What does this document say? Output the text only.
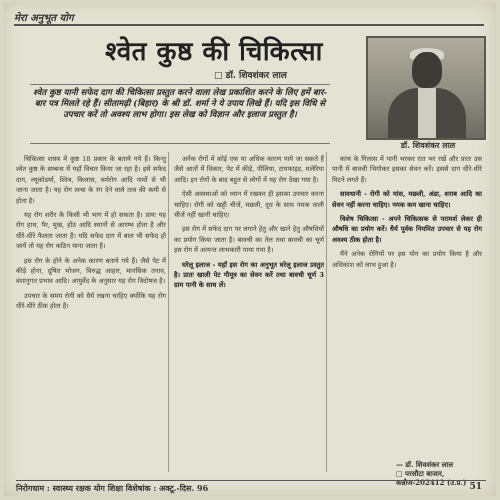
मेरा अनुभूत योग
श्वेत कुष्ठ की चिकित्सा
□ डॉ. शिवशंकर लाल
श्वेत कुष्ठ यानी सफेद दाग की चिकित्सा प्रस्तुत करने वाला लेख प्रकाशित करने के लिए हमें बार-बार पत्र मिलते रहे हैं। सीतामढ़ी (बिहार) के श्री डॉ. शर्मा ने ये उपाय लिखे हैं। यदि इस विधि से उपचार करें तो अवश्य लाभ होगा। इस लेख को विज्ञान और इलाज प्रस्तुत है।
डॉ. शिवशंकर लाल

चिकित्सा शास्त्र में कुष्ठ 18 प्रकार के बताये गये हैं। किन्तु श्वेत कुष्ठ के सम्बन्ध में यहाँ विचार किया जा रहा है। इसे सफेद दाग, ल्यूकोडर्मा, श्वित्र, किलास, चर्मरोग आदि नामों से भी जाना जाता है। यह रोग त्वचा के रंग देने वाले तत्व की कमी से होता है।

यह रोग शरीर के किसी भी भाग में हो सकता है। प्रायः यह रोग हाथ, पैर, मुख, होंठ आदि स्थानों से आरम्भ होता है और धीरे-धीरे फैलता जाता है। यदि सफेद दाग में बाल भी सफेद हो जायें तो यह रोग कठिन माना जाता है।

इस रोग के होने के अनेक कारण बताये गये हैं। जैसे पेट में कीड़े होना, दूषित भोजन, विरुद्ध आहार, मानसिक तनाव, वंशानुगत प्रभाव आदि। आयुर्वेद के अनुसार यह रोग त्रिदोषज है।

उपचार के समय रोगी को धैर्य रखना चाहिए क्योंकि यह रोग धीरे-धीरे ठीक होता है।

अनेक रोगों में कोई एक या अधिक कारण पाये जा सकते हैं जैसे आतों में विकार, पेट में कीड़े, पीलिया, टायफाइड, मलेरिया आदि। इन रोगों के बाद बहुत से लोगों में यह रोग देखा गया है।

ऐसी अवस्थाओं को ध्यान में रखकर ही इसका उपचार करना चाहिए। रोगी को खट्टी चीजें, मछली, दूध के साथ नमक वाली चीजें नहीं खानी चाहिए।

इस रोग में सफेद दाग पर लगाने हेतु और खाने हेतु औषधियों का प्रयोग किया जाता है। बावची का तेल तथा बावची का चूर्ण इस रोग में अत्यन्त लाभकारी पाया गया है।

घरेलू इलाज - यहाँ इस रोग का अनुभूत घरेलू इलाज प्रस्तुत है। प्रातः खाली पेट गौमूत्र का सेवन करें तथा बावची चूर्ण 3 ग्राम पानी के साथ लें।

कांच के गिलास में पानी भरकर रात भर रखें और प्रातः उस पानी में बावची भिगोकर इसका सेवन करें। इससे दाग धीरे-धीरे मिटने लगते हैं।

सावधानी - रोगी को मांस, मछली, अंडा, शराब आदि का सेवन नहीं करना चाहिए। नमक कम खाना चाहिए।

विशेष चिकित्सा - अपने चिकित्सक से परामर्श लेकर ही औषधि का प्रयोग करें। धैर्य पूर्वक नियमित उपचार से यह रोग अवश्य ठीक होता है।

मैंने अनेक रोगियों पर इस योग का प्रयोग किया है और अधिकांश को लाभ हुआ है।

— डॉ. शिवशंकर लाल
□ परसौटा बाजार,
कन्नौज-202412 (उ.प्र.)
निरोगधाम : स्वास्थ्य रक्षक योग शिक्षा विशेषांक : अक्टू.-दिस. 96	51
